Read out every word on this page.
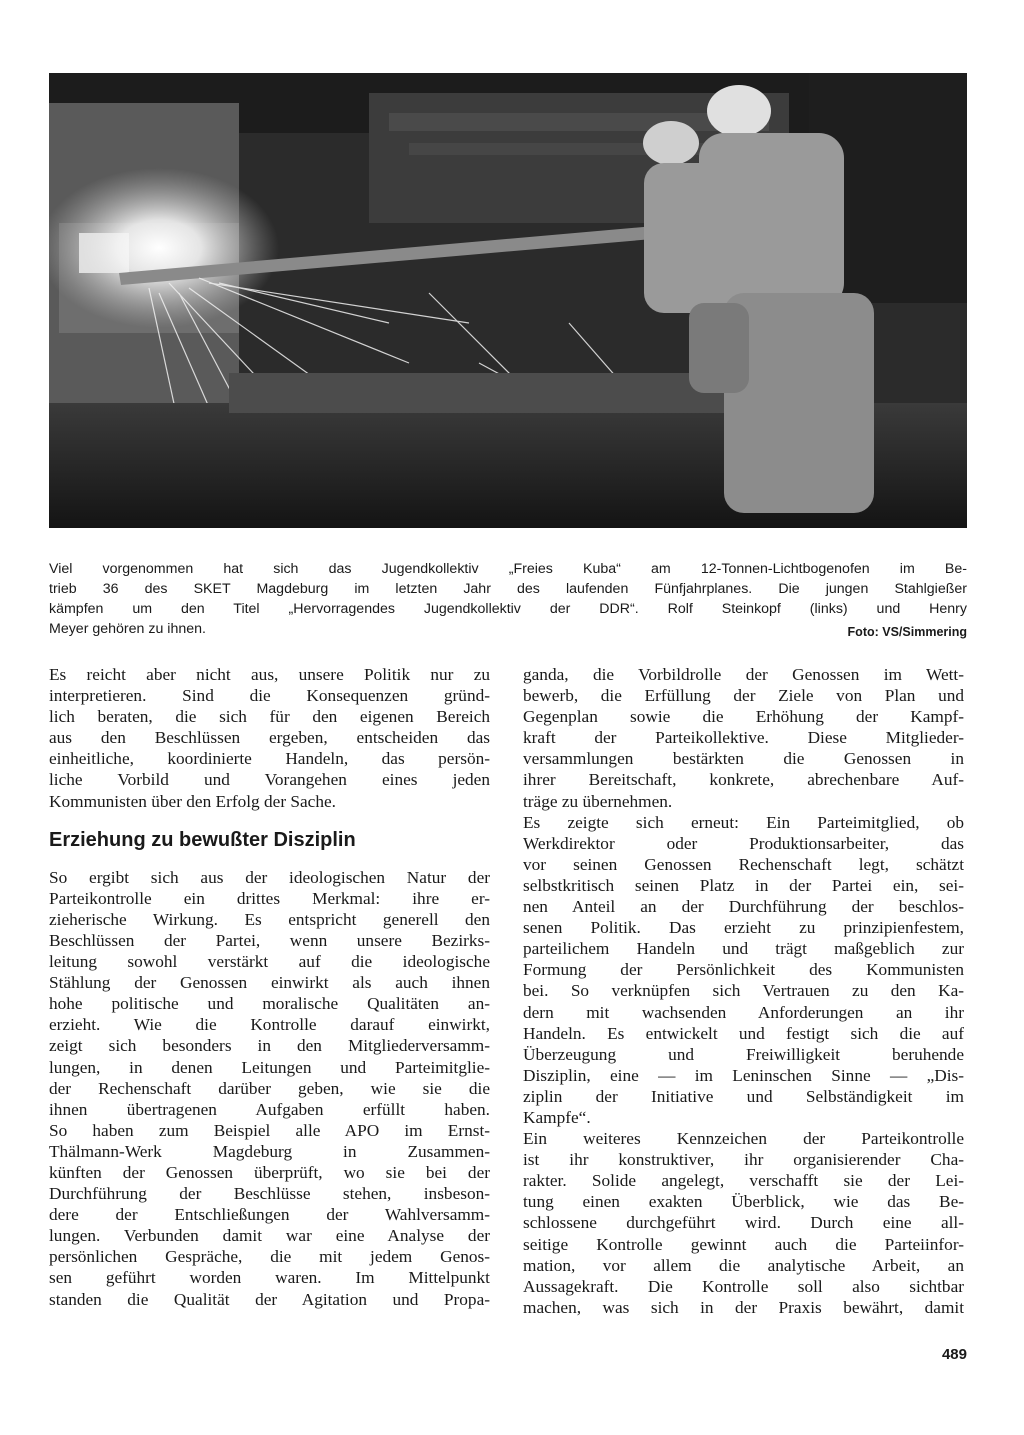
Viel vorgenommen hat sich das Jugendkollektiv „Freies Kuba“ am 12-Tonnen-Lichtbogenofen im Be-
trieb 36 des SKET Magdeburg im letzten Jahr des laufenden Fünfjahrplanes. Die jungen Stahlgießer
kämpfen um den Titel „Hervorragendes Jugendkollektiv der DDR“. Rolf Steinkopf (links) und Henry
Meyer gehören zu ihnen.	Foto: VS/Simmering
Es reicht aber nicht aus, unsere Politik nur zu
interpretieren. Sind die Konsequenzen gründ-
lich beraten, die sich für den eigenen Bereich
aus den Beschlüssen ergeben, entscheiden das
einheitliche, koordinierte Handeln, das persön-
liche Vorbild und Vorangehen eines jeden
Kommunisten über den Erfolg der Sache.
Erziehung zu bewußter Disziplin
So ergibt sich aus der ideologischen Natur der
Parteikontrolle ein drittes Merkmal: ihre er-
zieherische Wirkung. Es entspricht generell den
Beschlüssen der Partei, wenn unsere Bezirks-
leitung sowohl verstärkt auf die ideologische
Stählung der Genossen einwirkt als auch ihnen
hohe politische und moralische Qualitäten an-
erzieht. Wie die Kontrolle darauf einwirkt,
zeigt sich besonders in den Mitgliederversamm-
lungen, in denen Leitungen und Parteimitglie-
der Rechenschaft darüber geben, wie sie die
ihnen übertragenen Aufgaben erfüllt haben.
So haben zum Beispiel alle APO im Ernst-
Thälmann-Werk Magdeburg in Zusammen-
künften der Genossen überprüft, wo sie bei der
Durchführung der Beschlüsse stehen, insbeson-
dere der Entschließungen der Wahlversamm-
lungen. Verbunden damit war eine Analyse der
persönlichen Gespräche, die mit jedem Genos-
sen geführt worden waren. Im Mittelpunkt
standen die Qualität der Agitation und Propa-
ganda, die Vorbildrolle der Genossen im Wett-
bewerb, die Erfüllung der Ziele von Plan und
Gegenplan sowie die Erhöhung der Kampf-
kraft der Parteikollektive. Diese Mitglieder-
versammlungen bestärkten die Genossen in
ihrer Bereitschaft, konkrete, abrechenbare Auf-
träge zu übernehmen.
Es zeigte sich erneut: Ein Parteimitglied, ob
Werkdirektor oder Produktionsarbeiter, das
vor seinen Genossen Rechenschaft legt, schätzt
selbstkritisch seinen Platz in der Partei ein, sei-
nen Anteil an der Durchführung der beschlos-
senen Politik. Das erzieht zu prinzipienfestem,
parteilichem Handeln und trägt maßgeblich zur
Formung der Persönlichkeit des Kommunisten
bei. So verknüpfen sich Vertrauen zu den Ka-
dern mit wachsenden Anforderungen an ihr
Handeln. Es entwickelt und festigt sich die auf
Überzeugung und Freiwilligkeit beruhende
Disziplin, eine — im Leninschen Sinne — „Dis-
ziplin der Initiative und Selbständigkeit im
Kampfe“.
Ein weiteres Kennzeichen der Parteikontrolle
ist ihr konstruktiver, ihr organisierender Cha-
rakter. Solide angelegt, verschafft sie der Lei-
tung einen exakten Überblick, wie das Be-
schlossene durchgeführt wird. Durch eine all-
seitige Kontrolle gewinnt auch die Parteiinfor-
mation, vor allem die analytische Arbeit, an
Aussagekraft. Die Kontrolle soll also sichtbar
machen, was sich in der Praxis bewährt, damit
489
